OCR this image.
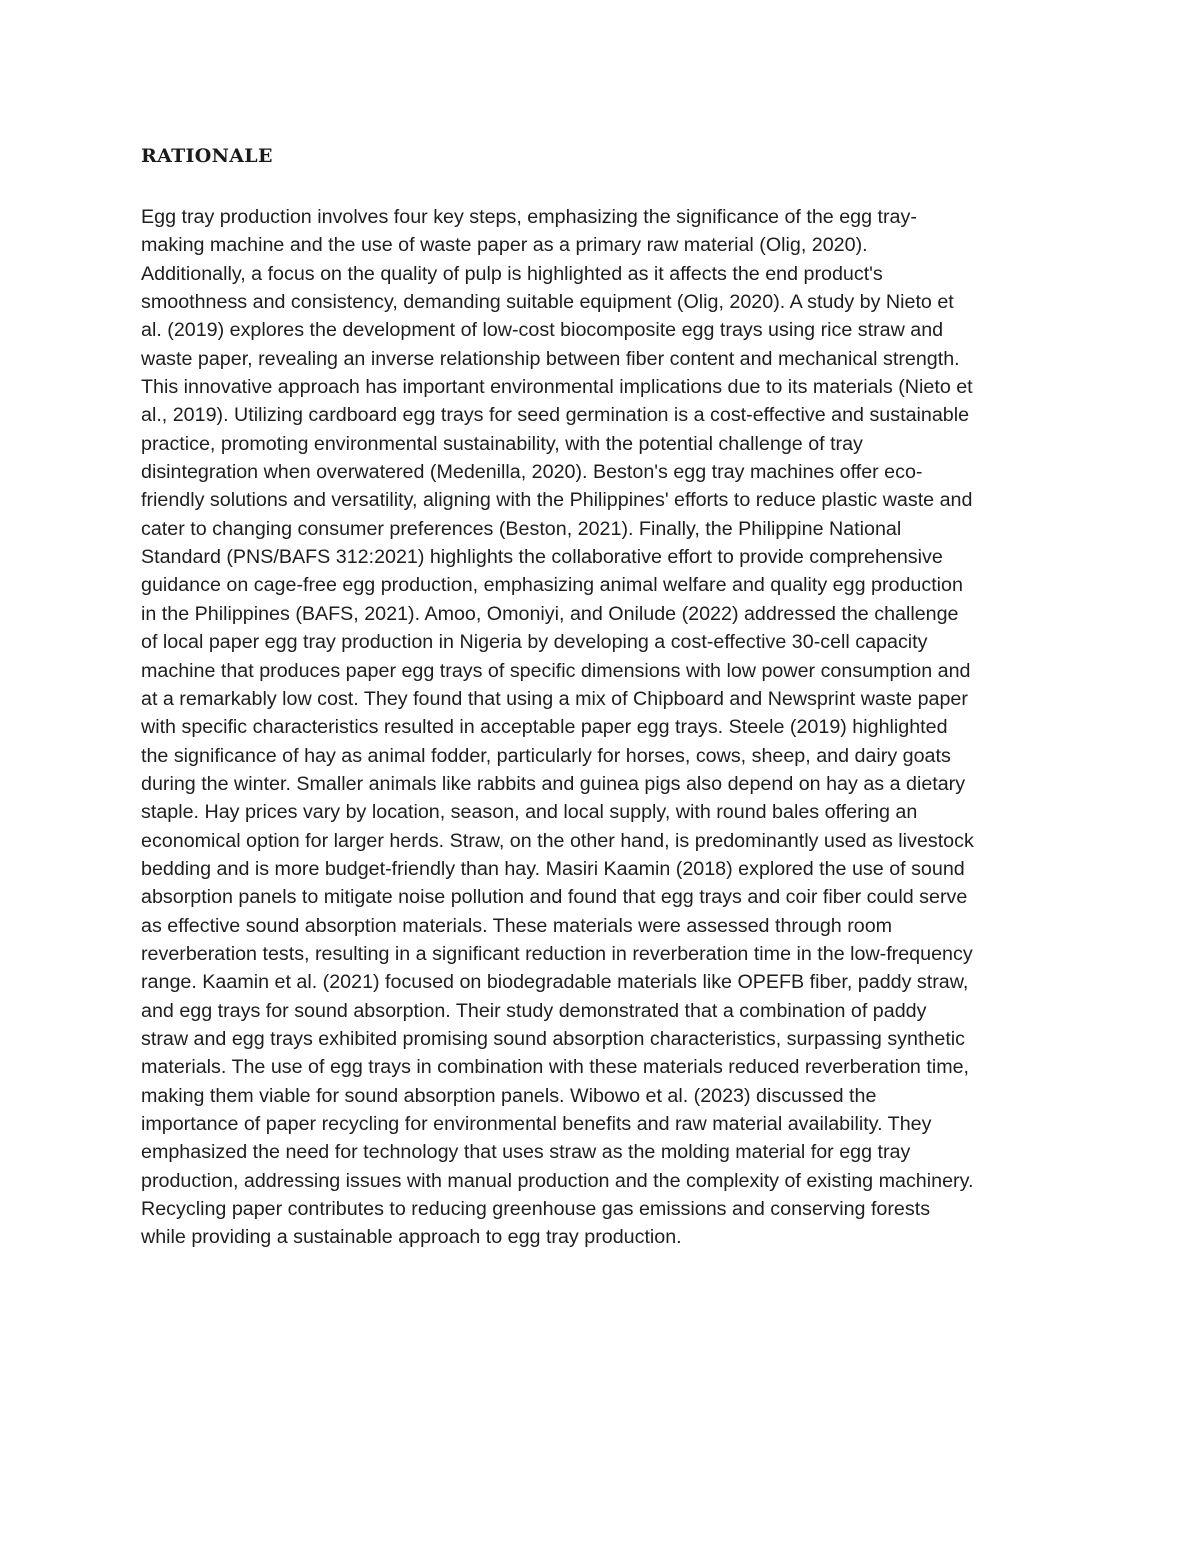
RATIONALE
Egg tray production involves four key steps, emphasizing the significance of the egg tray-
making machine and the use of waste paper as a primary raw material (Olig, 2020).
Additionally, a focus on the quality of pulp is highlighted as it affects the end product's
smoothness and consistency, demanding suitable equipment (Olig, 2020). A study by Nieto et
al. (2019) explores the development of low-cost biocomposite egg trays using rice straw and
waste paper, revealing an inverse relationship between fiber content and mechanical strength.
This innovative approach has important environmental implications due to its materials (Nieto et
al., 2019). Utilizing cardboard egg trays for seed germination is a cost-effective and sustainable
practice, promoting environmental sustainability, with the potential challenge of tray
disintegration when overwatered (Medenilla, 2020). Beston's egg tray machines offer eco-
friendly solutions and versatility, aligning with the Philippines' efforts to reduce plastic waste and
cater to changing consumer preferences (Beston, 2021). Finally, the Philippine National
Standard (PNS/BAFS 312:2021) highlights the collaborative effort to provide comprehensive
guidance on cage-free egg production, emphasizing animal welfare and quality egg production
in the Philippines (BAFS, 2021). Amoo, Omoniyi, and Onilude (2022) addressed the challenge
of local paper egg tray production in Nigeria by developing a cost-effective 30-cell capacity
machine that produces paper egg trays of specific dimensions with low power consumption and
at a remarkably low cost. They found that using a mix of Chipboard and Newsprint waste paper
with specific characteristics resulted in acceptable paper egg trays. Steele (2019) highlighted
the significance of hay as animal fodder, particularly for horses, cows, sheep, and dairy goats
during the winter. Smaller animals like rabbits and guinea pigs also depend on hay as a dietary
staple. Hay prices vary by location, season, and local supply, with round bales offering an
economical option for larger herds. Straw, on the other hand, is predominantly used as livestock
bedding and is more budget-friendly than hay. Masiri Kaamin (2018) explored the use of sound
absorption panels to mitigate noise pollution and found that egg trays and coir fiber could serve
as effective sound absorption materials. These materials were assessed through room
reverberation tests, resulting in a significant reduction in reverberation time in the low-frequency
range. Kaamin et al. (2021) focused on biodegradable materials like OPEFB fiber, paddy straw,
and egg trays for sound absorption. Their study demonstrated that a combination of paddy
straw and egg trays exhibited promising sound absorption characteristics, surpassing synthetic
materials. The use of egg trays in combination with these materials reduced reverberation time,
making them viable for sound absorption panels. Wibowo et al. (2023) discussed the
importance of paper recycling for environmental benefits and raw material availability. They
emphasized the need for technology that uses straw as the molding material for egg tray
production, addressing issues with manual production and the complexity of existing machinery.
Recycling paper contributes to reducing greenhouse gas emissions and conserving forests
while providing a sustainable approach to egg tray production.
